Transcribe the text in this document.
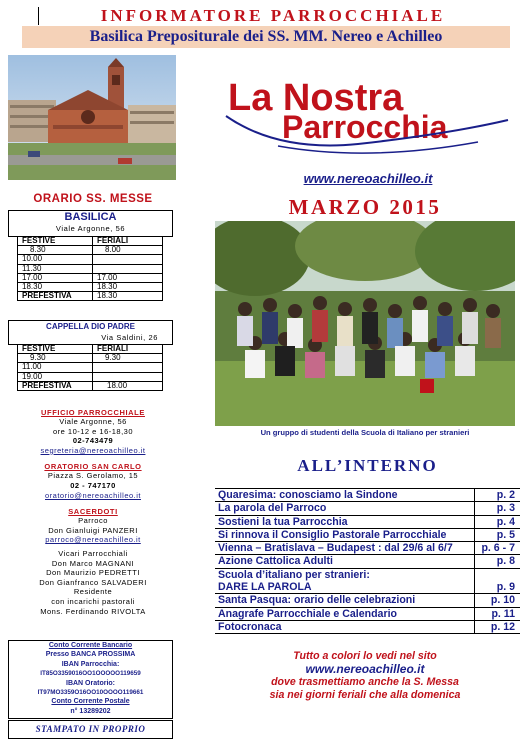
INFORMATORE PARROCCHIALE
Basilica Prepositurale dei SS. MM. Nereo e Achilleo
ORARIO SS. MESSE
BASILICA
Viale Argonne, 56
FESTIVE	FERIALI
8.30	8.00
10.00	
11.30	
17.00	17.00
18.30	18.30
PREFESTIVA	18.30
CAPPELLA DIO PADRE
Via Saldini, 26
FESTIVE	FERIALI
9.30	9.30
11.00	
19.00	
PREFESTIVA	18.00
UFFICIO PARROCCHIALE
Viale Argonne, 56
ore 10-12 e 16-18,30
02-743479
segreteria@nereoachilleo.it
ORATORIO SAN CARLO
Piazza S. Gerolamo, 15
02 - 747170
oratorio@nereoachilleo.it
SACERDOTI
Parroco
Don Gianluigi PANZERI
parroco@nereoachilleo.it
Vicari Parrocchiali
Don Marco MAGNANI
Don Maurizio PEDRETTI
Don Gianfranco SALVADERI
Residente
con incarichi pastorali
Mons. Ferdinando RIVOLTA
Conto Corrente Bancario
Presso BANCA PROSSIMA
IBAN Parrocchia:
IT85O3359016OO1OOOOO119659
IBAN Oratorio:
IT97MO3359O16OO10OOOO119661
Conto Corrente Postale
n° 13289202
STAMPATO IN PROPRIO
La Nostra
Parrocchia
www.nereoachilleo.it
MARZO 2015
Un gruppo di studenti della Scuola di Italiano per stranieri
ALL’INTERNO
Quaresima: conosciamo la Sindone	p. 2
La parola del Parroco	p. 3
Sostieni la tua Parrocchia	p. 4
Si rinnova il Consiglio Pastorale Parrocchiale	p. 5
Vienna – Bratislava – Budapest : dal 29/6 al 6/7	p. 6 - 7
Azione Cattolica Adulti	p. 8
Scuola d’italiano per stranieri:	
DARE LA PAROLA	p. 9
Santa Pasqua: orario delle celebrazioni	p. 10
Anagrafe Parrocchiale e Calendario	p. 11
Fotocronaca	p. 12
Tutto a colori lo vedi nel sito
www.nereoachilleo.it
dove trasmettiamo anche la S. Messa
sia nei giorni feriali che alla domenica
